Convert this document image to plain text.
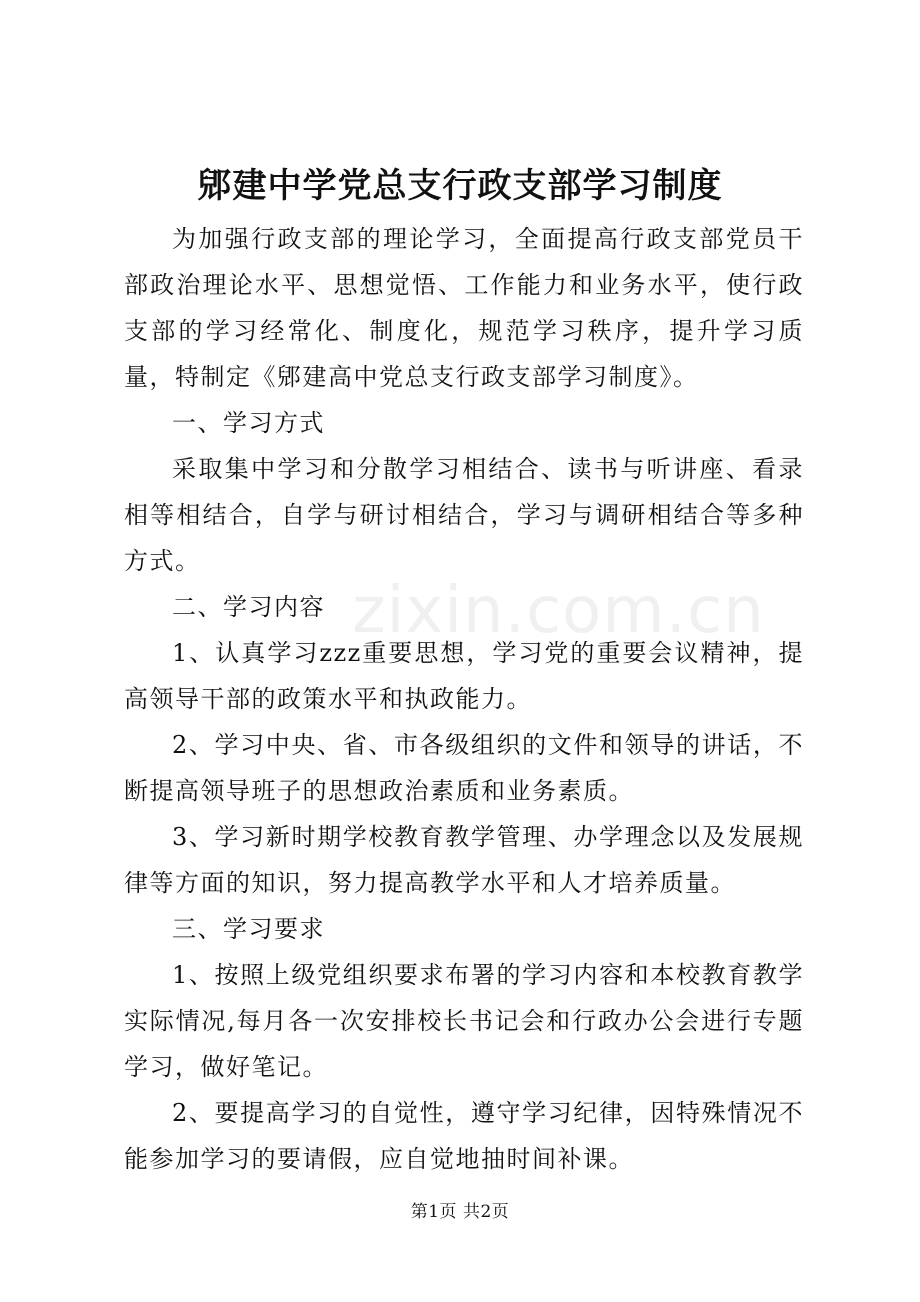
zixin.com.cn
郳建中学党总支行政支部学习制度

为加强行政支部的理论学习，全面提高行政支部党员干部政治理论水平、思想觉悟、工作能力和业务水平，使行政支部的学习经常化、制度化，规范学习秩序，提升学习质量，特制定《郳建高中党总支行政支部学习制度》。

一、学习方式

采取集中学习和分散学习相结合、读书与听讲座、看录相等相结合，自学与研讨相结合，学习与调研相结合等多种方式。

二、学习内容

1、认真学习zzz重要思想，学习党的重要会议精神，提高领导干部的政策水平和执政能力。

2、学习中央、省、市各级组织的文件和领导的讲话，不断提高领导班子的思想政治素质和业务素质。

3、学习新时期学校教育教学管理、办学理念以及发展规律等方面的知识，努力提高教学水平和人才培养质量。

三、学习要求

1、按照上级党组织要求布署的学习内容和本校教育教学实际情况,每月各一次安排校长书记会和行政办公会进行专题学习，做好笔记。

2、要提高学习的自觉性，遵守学习纪律，因特殊情况不能参加学习的要请假，应自觉地抽时间补课。

第1页 共2页
